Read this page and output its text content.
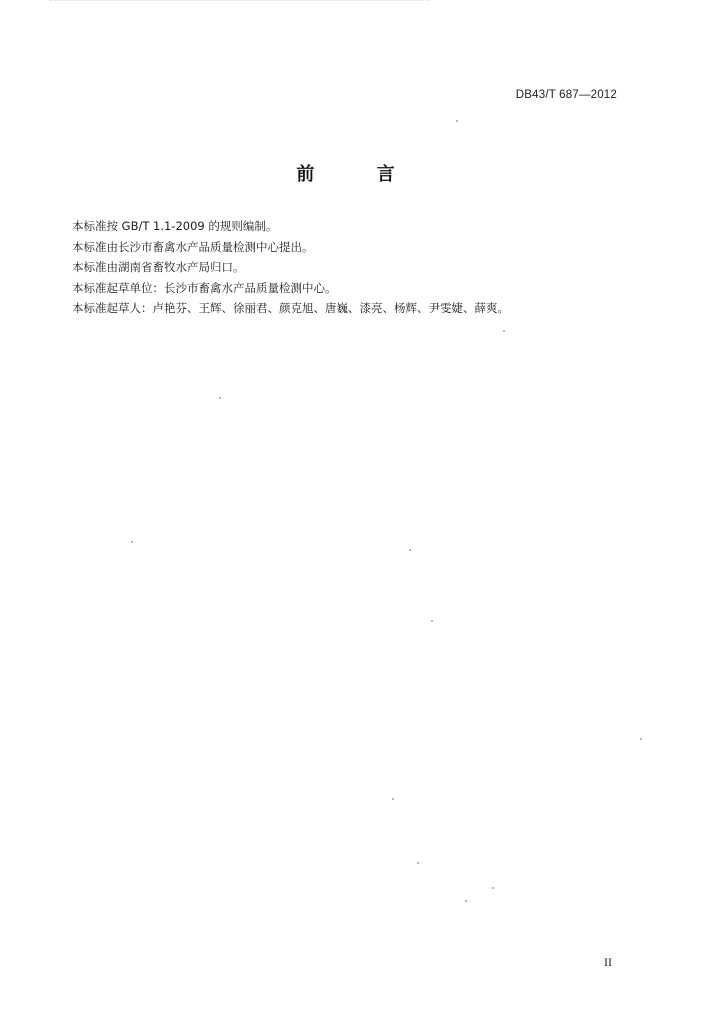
DB43/T 687—2012
前 言
本标准按 GB/T 1.1-2009 的规则编制。
本标准由长沙市畜禽水产品质量检测中心提出。
本标准由湖南省畜牧水产局归口。
本标准起草单位：长沙市畜禽水产品质量检测中心。
本标准起草人：卢艳芬、王辉、徐丽君、颜克旭、唐巍、漆亮、杨辉、尹雯婕、薛爽。
II
